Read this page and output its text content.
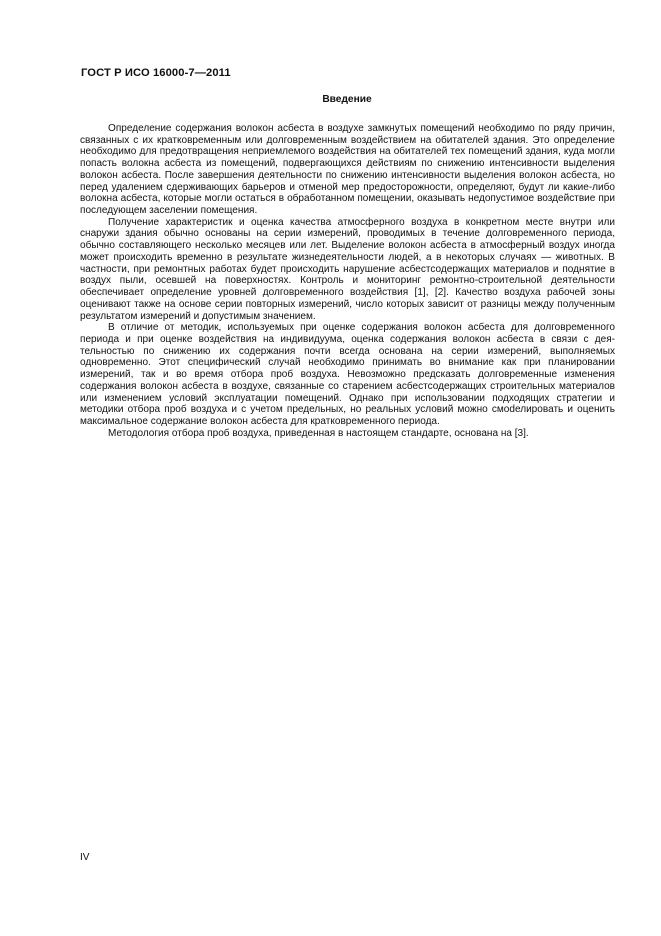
ГОСТ Р ИСО 16000-7—2011
Введение

Определение содержания волокон асбеста в воздухе замкнутых помещений необходимо по ряду причин, связанных с их кратковременным или долговременным воздействием на обитателей здания. Это определение необходимо для предотвращения неприемлемого воздействия на обитателей тех помещений здания, куда могли попасть волокна асбеста из помещений, подвергающихся действиям по снижению интенсивности выделения волокон асбеста. После завершения деятельности по снижению интенсивности выделения волокон асбеста, но перед удалением сдерживающих барьеров и отменой мер предосторожности, определяют, будут ли какие-либо волокна асбеста, которые могли остаться в обработанном помещении, оказывать недопустимое воздействие при последующем заселении помещения.

Получение характеристик и оценка качества атмосферного воздуха в конкретном месте внутри или снаружи здания обычно основаны на серии измерений, проводимых в течение долговременного периода, обычно составляющего несколько месяцев или лет. Выделение волокон асбеста в атмосферный воздух иногда может происходить временно в результате жизнедеятельности людей, а в некоторых случаях — животных. В частности, при ремонтных работах будет происходить нарушение асбестсодержащих материалов и поднятие в воздух пыли, осевшей на поверхностях. Контроль и мониторинг ремонтно-строительной деятельности обеспечивает определение уровней долговременного воздействия [1], [2]. Качество воздуха рабочей зоны оценивают также на основе серии повторных измерений, число которых зависит от разницы между полученным результатом измерений и допустимым значением.

В отличие от методик, используемых при оценке содержания волокон асбеста для долговременного периода и при оценке воздействия на индивидуума, оценка содержания волокон асбеста в связи с деятельностью по снижению их содержания почти всегда основана на серии измерений, выполняемых одновременно. Этот специфический случай необходимо принимать во внимание как при планировании измерений, так и во время отбора проб воздуха. Невозможно предсказать долговременные изменения содержания волокон асбеста в воздухе, связанные со старением асбестсодержащих строительных материалов или изменением условий эксплуатации помещений. Однако при использовании подходящих стратегии и методики отбора проб воздуха и с учетом предельных, но реальных условий можно смоdелировать и оценить максимальное содержание волокон асбеста для кратковременного периода.

Методология отбора проб воздуха, приведенная в настоящем стандарте, основана на [3].

IV
